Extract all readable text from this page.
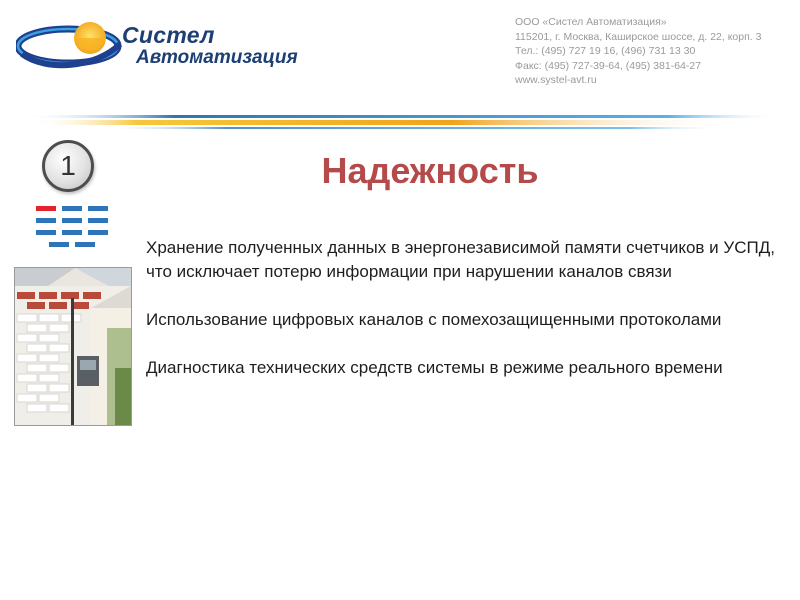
Систел
Автоматизация
ООО «Систел Автоматизация»
115201, г. Москва, Каширское шоссе, д. 22, корп. 3
Тел.: (495) 727 19 16, (496) 731 13 30
Факс: (495) 727-39-64, (495) 381-64-27
www.systel-avt.ru
1	Надежность

Хранение полученных данных в энергонезависимой памяти счетчиков и УСПД, что исключает потерю информации при нарушении каналов связи

Использование цифровых каналов с помехозащищенными протоколами

Диагностика технических средств системы в режиме реального времени
